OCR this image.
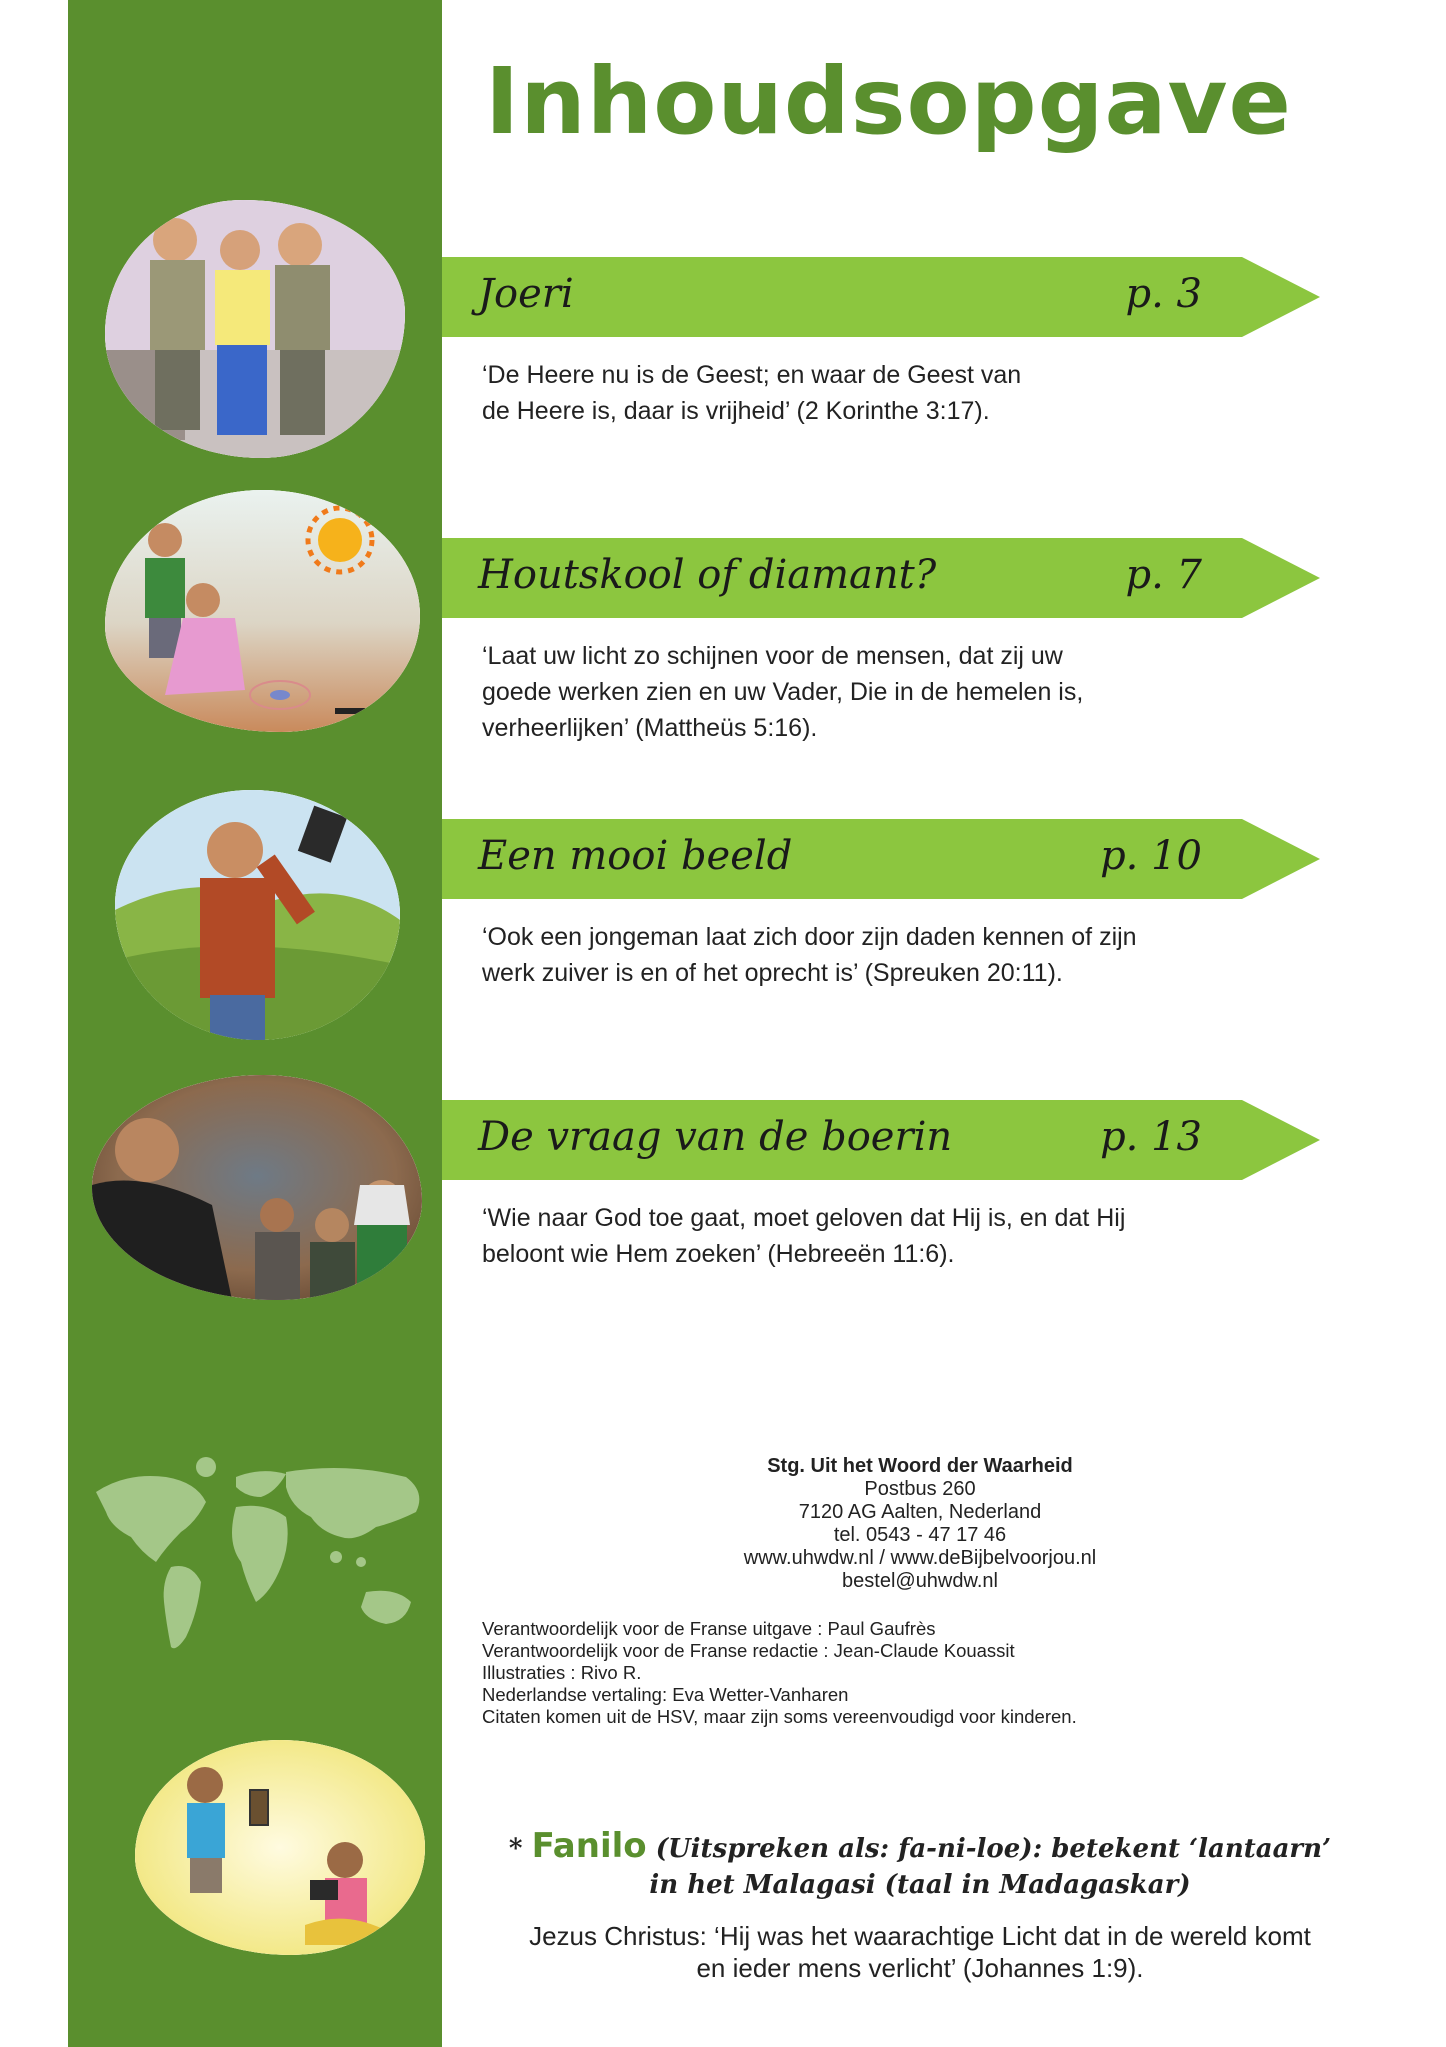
Inhoudsopgave
Joeri	p. 3
‘De Heere nu is de Geest; en waar de Geest van
de Heere is, daar is vrijheid’ (2 Korinthe 3:17).
Houtskool of diamant?	p. 7
‘Laat uw licht zo schijnen voor de mensen, dat zij uw
goede werken zien en uw Vader, Die in de hemelen is,
verheerlijken’ (Mattheüs 5:16).
Een mooi beeld	p. 10
‘Ook een jongeman laat zich door zijn daden kennen of zijn
werk zuiver is en of het oprecht is’ (Spreuken 20:11).
De vraag van de boerin	p. 13
‘Wie naar God toe gaat, moet geloven dat Hij is, en dat Hij
beloont wie Hem zoeken’ (Hebreeën 11:6).
Stg. Uit het Woord der Waarheid
Postbus 260
7120 AG Aalten, Nederland
tel. 0543 - 47 17 46
www.uhwdw.nl / www.deBijbelvoorjou.nl
bestel@uhwdw.nl
Verantwoordelijk voor de Franse uitgave : Paul Gaufrès
Verantwoordelijk voor de Franse redactie : Jean-Claude Kouassit
Illustraties : Rivo R.
Nederlandse vertaling: Eva Wetter-Vanharen
Citaten komen uit de HSV, maar zijn soms vereenvoudigd voor kinderen.
* Fanilo (Uitspreken als: fa-ni-loe): betekent ‘lantaarn’
in het Malagasi (taal in Madagaskar)
Jezus Christus: ‘Hij was het waarachtige Licht dat in de wereld komt
en ieder mens verlicht’ (Johannes 1:9).
